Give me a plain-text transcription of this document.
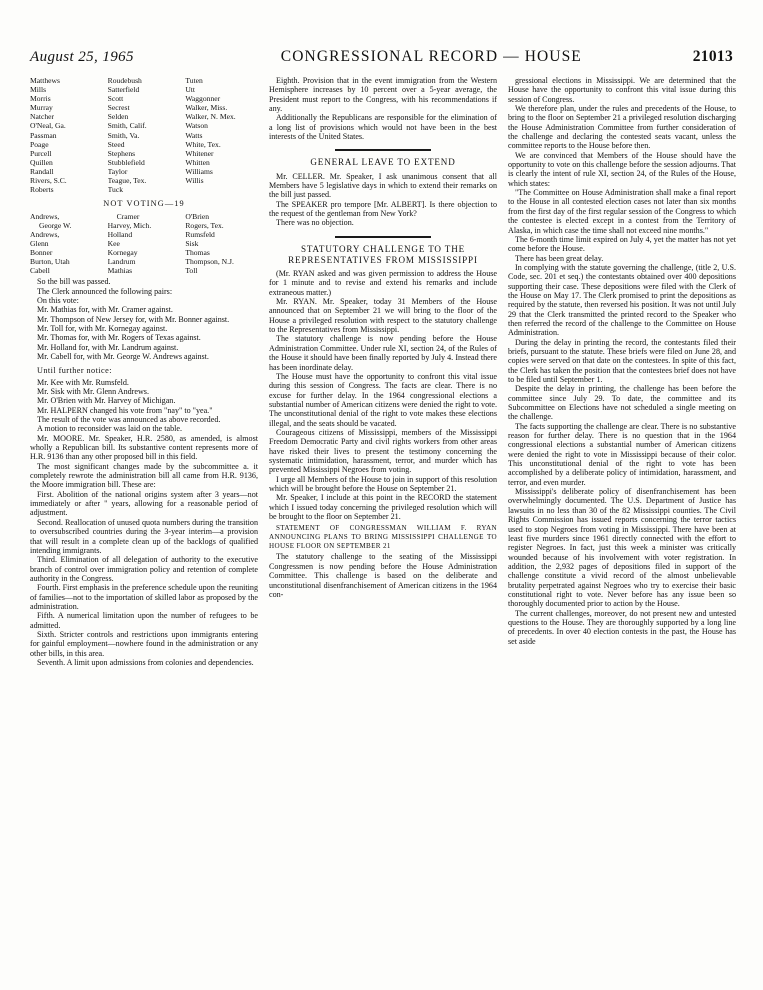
August 25, 1965	CONGRESSIONAL RECORD — HOUSE	21013
Matthews	Roudebush	Tuten
Mills	Satterfield	Utt
Morris	Scott	Waggonner
Murray	Secrest	Walker, Miss.
Natcher	Selden	Walker, N. Mex.
O'Neal, Ga.	Smith, Calif.	Watson
Passman	Smith, Va.	Watts
Poage	Steed	White, Tex.
Purcell	Stephens	Whitener
Quillen	Stubblefield	Whitten
Randall	Taylor	Williams
Rivers, S.C.	Teague, Tex.	Willis
Roberts	Tuck
NOT VOTING—19
Andrews,	Cramer	O'Brien
George W.	Harvey, Mich.	Rogers, Tex.
Andrews,	Holland	Rumsfeld
Glenn	Kee	Sisk
Bonner	Kornegay	Thomas
Burton, Utah	Landrum	Thompson, N.J.
Cabell	Mathias	Toll

So the bill was passed.

The Clerk announced the following pairs:

On this vote:

Mr. Mathias for, with Mr. Cramer against.

Mr. Thompson of New Jersey for, with Mr. Bonner against.

Mr. Toll for, with Mr. Kornegay against.

Mr. Thomas for, with Mr. Rogers of Texas against.

Mr. Holland for, with Mr. Landrum against.

Mr. Cabell for, with Mr. George W. Andrews against.

Until further notice:

Mr. Kee with Mr. Rumsfeld.

Mr. Sisk with Mr. Glenn Andrews.

Mr. O'Brien with Mr. Harvey of Michigan.

Mr. HALPERN changed his vote from "nay" to "yea."

The result of the vote was announced as above recorded.

A motion to reconsider was laid on the table.

Mr. MOORE. Mr. Speaker, H.R. 2580, as amended, is almost wholly a Republican bill. Its substantive content represents more of H.R. 9136 than any other proposed bill in this field.

The most significant changes made by the subcommittee a. it completely rewrote the administration bill all came from H.R. 9136, the Moore immigration bill. These are:

First. Abolition of the national origins system after 3 years—not immediately or after " years, allowing for a reasonable period of adjustment.

Second. Reallocation of unused quota numbers during the transition to oversubscribed countries during the 3-year interim—a provision that will result in a complete clean up of the backlogs of qualified intending immigrants.

Third. Elimination of all delegation of authority to the executive branch of control over immigration policy and retention of complete authority in the Congress.

Fourth. First emphasis in the preference schedule upon the reuniting of families—not to the importation of skilled labor as proposed by the administration.

Fifth. A numerical limitation upon the number of refugees to be admitted.

Sixth. Stricter controls and restrictions upon immigrants entering for gainful employment—nowhere found in the administration or any other bills, in this area.

Seventh. A limit upon admissions from colonies and dependencies.

Eighth. Provision that in the event immigration from the Western Hemisphere increases by 10 percent over a 5-year average, the President must report to the Congress, with his recommendations if any.

Additionally the Republicans are responsible for the elimination of a long list of provisions which would not have been in the best interests of the United States.

GENERAL LEAVE TO EXTEND

Mr. CELLER. Mr. Speaker, I ask unanimous consent that all Members have 5 legislative days in which to extend their remarks on the bill just passed.

The SPEAKER pro tempore [Mr. ALBERT]. Is there objection to the request of the gentleman from New York?

There was no objection.

STATUTORY CHALLENGE TO THE REPRESENTATIVES FROM MISSISSIPPI

(Mr. RYAN asked and was given permission to address the House for 1 minute and to revise and extend his remarks and include extraneous matter.)

Mr. RYAN. Mr. Speaker, today 31 Members of the House announced that on September 21 we will bring to the floor of the House a privileged resolution with respect to the statutory challenge to the Representatives from Mississippi.

The statutory challenge is now pending before the House Administration Committee. Under rule XI, section 24, of the Rules of the House it should have been finally reported by July 4. Instead there has been inordinate delay.

The House must have the opportunity to confront this vital issue during this session of Congress. The facts are clear. There is no excuse for further delay. In the 1964 congressional elections a substantial number of American citizens were denied the right to vote. The unconstitutional denial of the right to vote makes these elections illegal, and the seats should be vacated.

Courageous citizens of Mississippi, members of the Mississippi Freedom Democratic Party and civil rights workers from other areas have risked their lives to present the testimony concerning the systematic intimidation, harassment, terror, and murder which has prevented Mississippi Negroes from voting.

I urge all Members of the House to join in support of this resolution which will be brought before the House on September 21.

Mr. Speaker, I include at this point in the RECORD the statement which I issued today concerning the privileged resolution which will be brought to the floor on September 21.

STATEMENT OF CONGRESSMAN WILLIAM F. RYAN ANNOUNCING PLANS TO BRING MISSISSIPPI CHALLENGE TO HOUSE FLOOR ON SEPTEMBER 21

The statutory challenge to the seating of the Mississippi Congressmen is now pending before the House Administration Committee. This challenge is based on the deliberate and unconstitutional disenfranchisement of American citizens in the 1964 con-

gressional elections in Mississippi. We are determined that the House have the opportunity to confront this vital issue during this session of Congress.

We therefore plan, under the rules and precedents of the House, to bring to the floor on September 21 a privileged resolution discharging the House Administration Committee from further consideration of the challenge and declaring the contested seats vacant, unless the committee reports to the House before then.

We are convinced that Members of the House should have the opportunity to vote on this challenge before the session adjourns. That is clearly the intent of rule XI, section 24, of the Rules of the House, which states:

"The Committee on House Administration shall make a final report to the House in all contested election cases not later than six months from the first day of the first regular session of the Congress to which the contestee is elected except in a contest from the Territory of Alaska, in which case the time shall not exceed nine months."

The 6-month time limit expired on July 4, yet the matter has not yet come before the House.

There has been great delay.

In complying with the statute governing the challenge, (title 2, U.S. Code, sec. 201 et seq.) the contestants obtained over 400 depositions supporting their case. These depositions were filed with the Clerk of the House on May 17. The Clerk promised to print the depositions as required by the statute, then reversed his position. It was not until July 29 that the Clerk transmitted the printed record to the Speaker who then referred the record of the challenge to the Committee on House Administration.

During the delay in printing the record, the contestants filed their briefs, pursuant to the statute. These briefs were filed on June 28, and copies were served on that date on the contestees. In spite of this fact, the Clerk has taken the position that the contestees brief does not have to be filed until September 1.

Despite the delay in printing, the challenge has been before the committee since July 29. To date, the committee and its Subcommittee on Elections have not scheduled a single meeting on the challenge.

The facts supporting the challenge are clear. There is no substantive reason for further delay. There is no question that in the 1964 congressional elections a substantial number of American citizens were denied the right to vote in Mississippi because of their color. This unconstitutional denial of the right to vote has been accomplished by a deliberate policy of intimidation, harassment, and terror, and even murder.

Mississippi's deliberate policy of disenfranchisement has been overwhelmingly documented. The U.S. Department of Justice has lawsuits in no less than 30 of the 82 Mississippi counties. The Civil Rights Commission has issued reports concerning the terror tactics used to stop Negroes from voting in Mississippi. There have been at least five murders since 1961 directly connected with the effort to register Negroes. In fact, just this week a minister was critically wounded because of his involvement with voter registration. In addition, the 2,932 pages of depositions filed in support of the challenge constitute a vivid record of the almost unbelievable brutality perpetrated against Negroes who try to exercise their basic constitutional right to vote. Never before has any issue been so thoroughly documented prior to action by the House.

The current challenges, moreover, do not present new and untested questions to the House. They are thoroughly supported by a long line of precedents. In over 40 election contests in the past, the House has set aside
